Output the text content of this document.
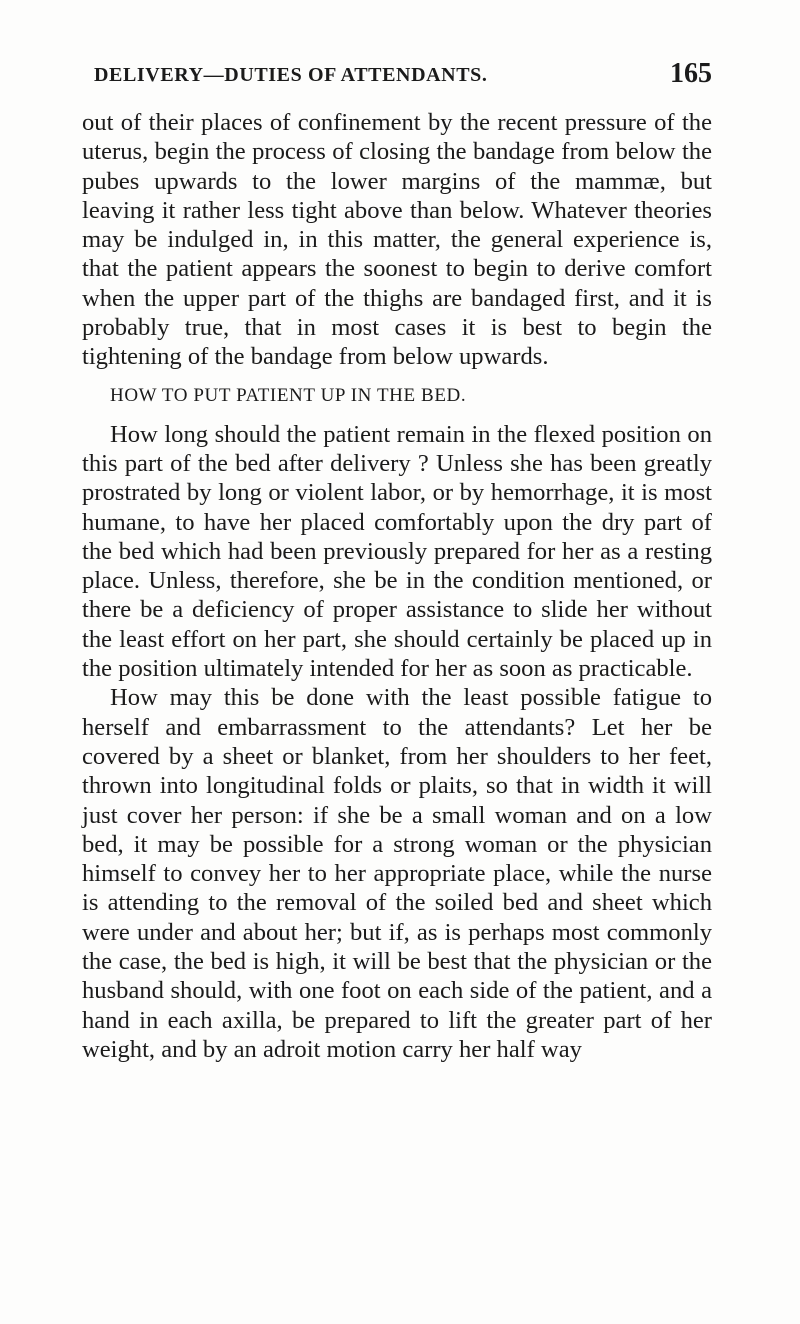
DELIVERY—DUTIES OF ATTENDANTS.	165

out of their places of confinement by the recent pressure of the uterus, begin the process of closing the bandage from below the pubes upwards to the lower margins of the mammæ, but leaving it rather less tight above than below. Whatever theories may be indulged in, in this matter, the general experience is, that the patient appears the soonest to begin to derive comfort when the upper part of the thighs are bandaged first, and it is probably true, that in most cases it is best to begin the tightening of the bandage from below upwards.

HOW TO PUT PATIENT UP IN THE BED.

How long should the patient remain in the flexed position on this part of the bed after delivery ? Unless she has been greatly prostrated by long or violent labor, or by hemorrhage, it is most humane, to have her placed comfortably upon the dry part of the bed which had been previously prepared for her as a resting place. Unless, therefore, she be in the condition mentioned, or there be a deficiency of proper assistance to slide her without the least effort on her part, she should certainly be placed up in the position ultimately intended for her as soon as practicable.

How may this be done with the least possible fatigue to herself and embarrassment to the attendants? Let her be covered by a sheet or blanket, from her shoulders to her feet, thrown into longitudinal folds or plaits, so that in width it will just cover her person: if she be a small woman and on a low bed, it may be possible for a strong woman or the physician himself to convey her to her appropriate place, while the nurse is attending to the removal of the soiled bed and sheet which were under and about her; but if, as is perhaps most commonly the case, the bed is high, it will be best that the physician or the husband should, with one foot on each side of the patient, and a hand in each axilla, be prepared to lift the greater part of her weight, and by an adroit motion carry her half way
